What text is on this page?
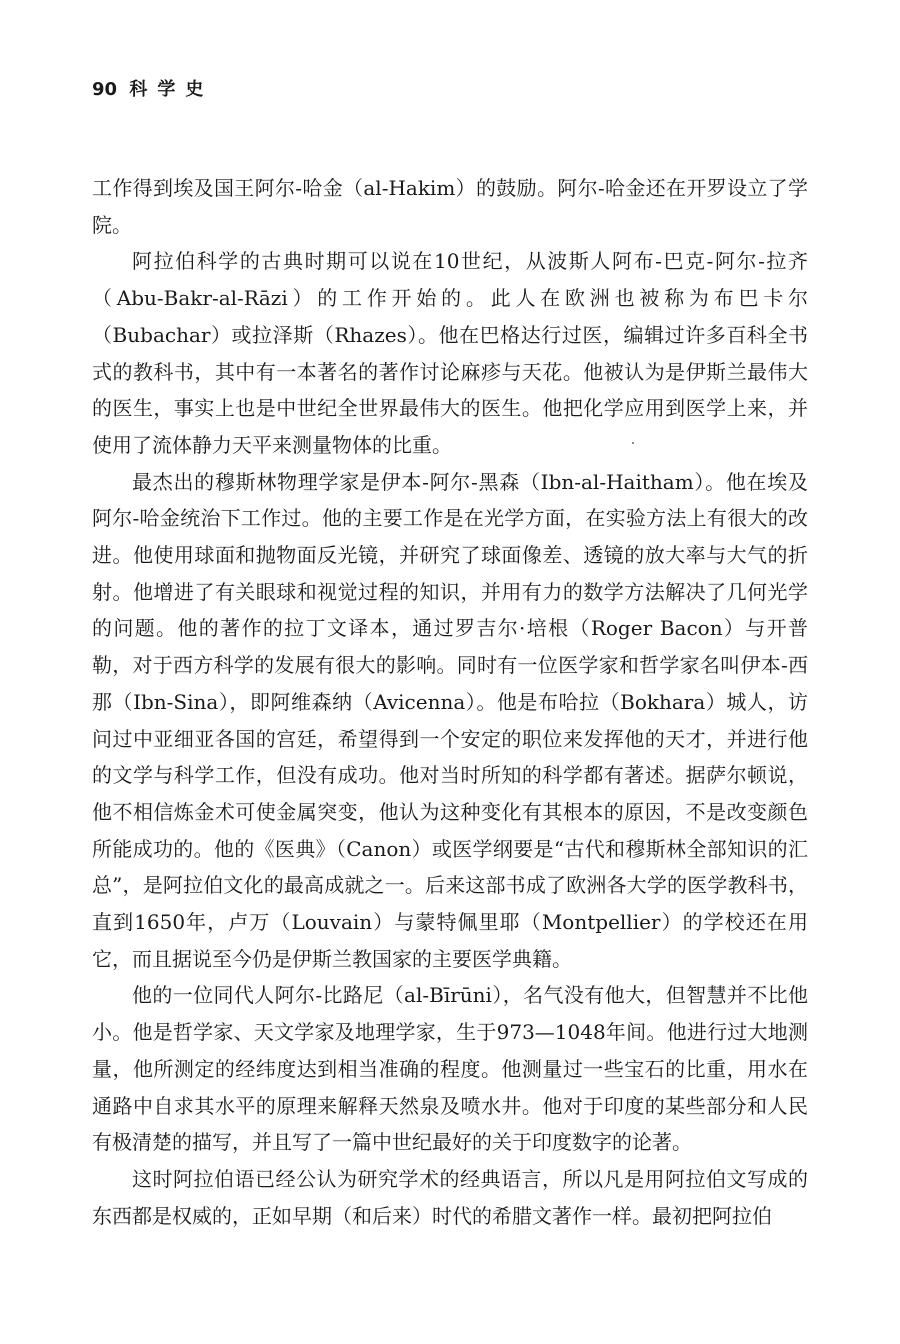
90 科学史

工作得到埃及国王阿尔-哈金（al-Hakim）的鼓励。阿尔-哈金还在开罗设立了学院。

阿拉伯科学的古典时期可以说在10世纪，从波斯人阿布-巴克-阿尔-拉齐（Abu-Bakr-al-Rāzi）的工作开始的。此人在欧洲也被称为布巴卡尔（Bubachar）或拉泽斯（Rhazes）。他在巴格达行过医，编辑过许多百科全书式的教科书，其中有一本著名的著作讨论麻疹与天花。他被认为是伊斯兰最伟大的医生，事实上也是中世纪全世界最伟大的医生。他把化学应用到医学上来，并使用了流体静力天平来测量物体的比重。

最杰出的穆斯林物理学家是伊本-阿尔-黑森（Ibn-al-Haitham）。他在埃及阿尔-哈金统治下工作过。他的主要工作是在光学方面，在实验方法上有很大的改进。他使用球面和抛物面反光镜，并研究了球面像差、透镜的放大率与大气的折射。他增进了有关眼球和视觉过程的知识，并用有力的数学方法解决了几何光学的问题。他的著作的拉丁文译本，通过罗吉尔·培根（Roger Bacon）与开普勒，对于西方科学的发展有很大的影响。同时有一位医学家和哲学家名叫伊本-西那（Ibn-Sina），即阿维森纳（Avicenna）。他是布哈拉（Bokhara）城人，访问过中亚细亚各国的宫廷，希望得到一个安定的职位来发挥他的天才，并进行他的文学与科学工作，但没有成功。他对当时所知的科学都有著述。据萨尔顿说，他不相信炼金术可使金属突变，他认为这种变化有其根本的原因，不是改变颜色所能成功的。他的《医典》（Canon）或医学纲要是“古代和穆斯林全部知识的汇总”，是阿拉伯文化的最高成就之一。后来这部书成了欧洲各大学的医学教科书，直到1650年，卢万（Louvain）与蒙特佩里耶（Montpellier）的学校还在用它，而且据说至今仍是伊斯兰教国家的主要医学典籍。

他的一位同代人阿尔-比路尼（al-Bīrūni），名气没有他大，但智慧并不比他小。他是哲学家、天文学家及地理学家，生于973—1048年间。他进行过大地测量，他所测定的经纬度达到相当准确的程度。他测量过一些宝石的比重，用水在通路中自求其水平的原理来解释天然泉及喷水井。他对于印度的某些部分和人民有极清楚的描写，并且写了一篇中世纪最好的关于印度数字的论著。

这时阿拉伯语已经公认为研究学术的经典语言，所以凡是用阿拉伯文写成的东西都是权威的，正如早期（和后来）时代的希腊文著作一样。最初把阿拉伯
